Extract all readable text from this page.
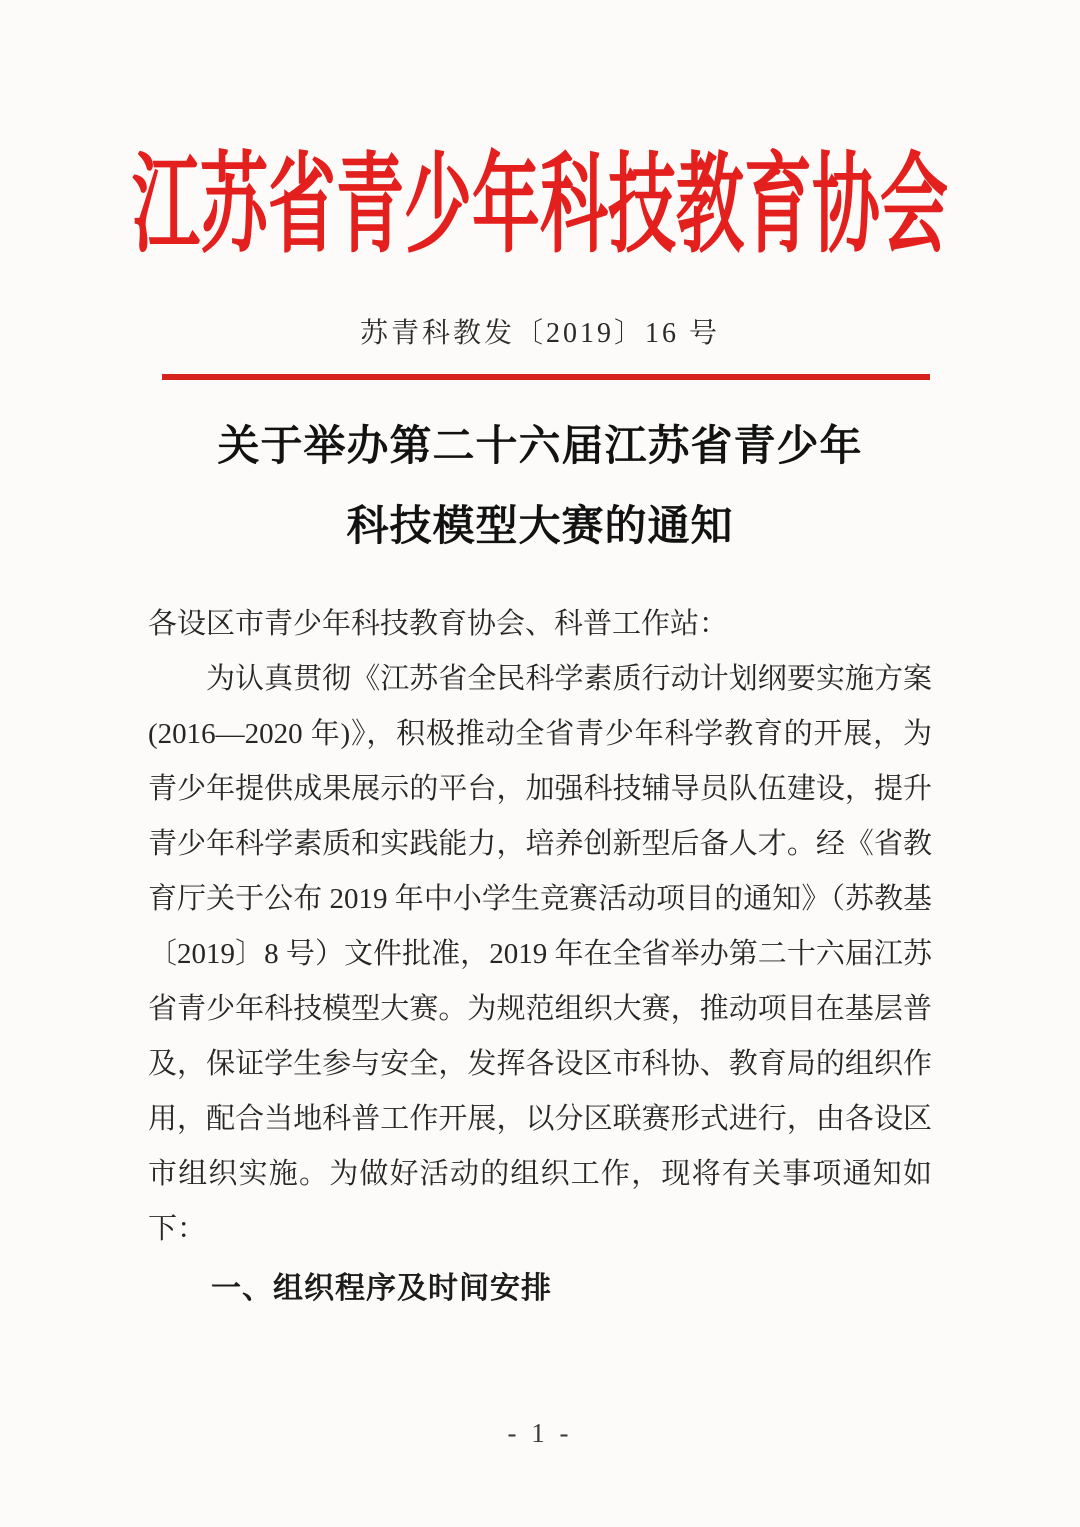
江苏省青少年科技教育协会
苏青科教发〔2019〕16 号
关于举办第二十六届江苏省青少年
科技模型大赛的通知

各设区市青少年科技教育协会、科普工作站：

为认真贯彻《江苏省全民科学素质行动计划纲要实施方案(2016—2020 年)》，积极推动全省青少年科学教育的开展，为青少年提供成果展示的平台，加强科技辅导员队伍建设，提升青少年科学素质和实践能力，培养创新型后备人才。经《省教育厅关于公布 2019 年中小学生竞赛活动项目的通知》（苏教基〔2019〕8 号）文件批准，2019 年在全省举办第二十六届江苏省青少年科技模型大赛。为规范组织大赛，推动项目在基层普及，保证学生参与安全，发挥各设区市科协、教育局的组织作用，配合当地科普工作开展，以分区联赛形式进行，由各设区市组织实施。为做好活动的组织工作，现将有关事项通知如下：

一、组织程序及时间安排

- 1 -
